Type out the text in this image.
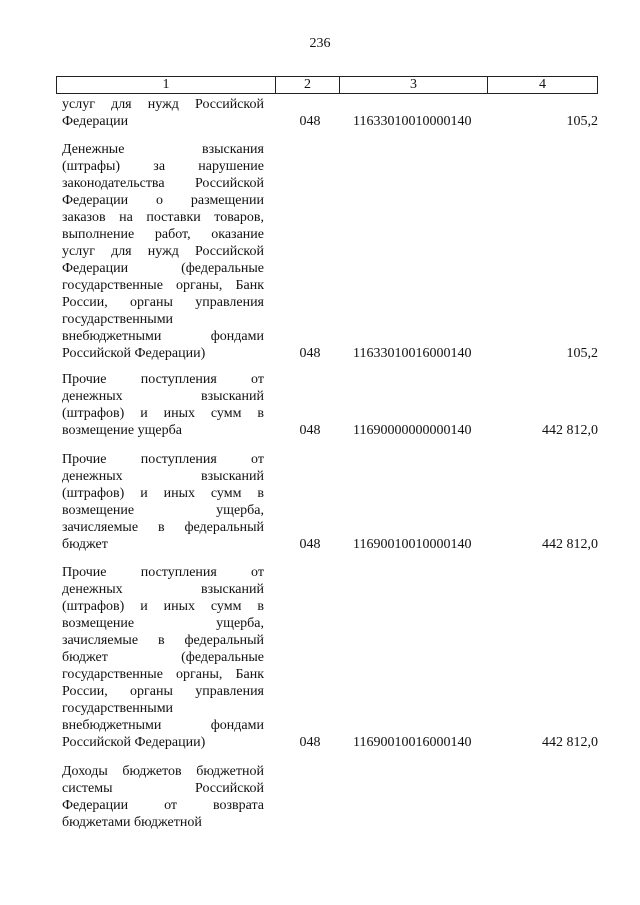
236
1	2	3	4
услуг для нужд Российской
Федерации	048	11633010010000140	105,2
Денежные взыскания
(штрафы) за нарушение
законодательства Российской
Федерации о размещении
заказов на поставки товаров,
выполнение работ, оказание
услуг для нужд Российской
Федерации (федеральные
государственные органы, Банк
России, органы управления
государственными
внебюджетными фондами
Российской Федерации)	048	11633010016000140	105,2
Прочие поступления от
денежных взысканий
(штрафов) и иных сумм в
возмещение ущерба	048	11690000000000140	442 812,0
Прочие поступления от
денежных взысканий
(штрафов) и иных сумм в
возмещение ущерба,
зачисляемые в федеральный
бюджет	048	11690010010000140	442 812,0
Прочие поступления от
денежных взысканий
(штрафов) и иных сумм в
возмещение ущерба,
зачисляемые в федеральный
бюджет (федеральные
государственные органы, Банк
России, органы управления
государственными
внебюджетными фондами
Российской Федерации)	048	11690010016000140	442 812,0
Доходы бюджетов бюджетной
системы Российской
Федерации от возврата
бюджетами бюджетной
